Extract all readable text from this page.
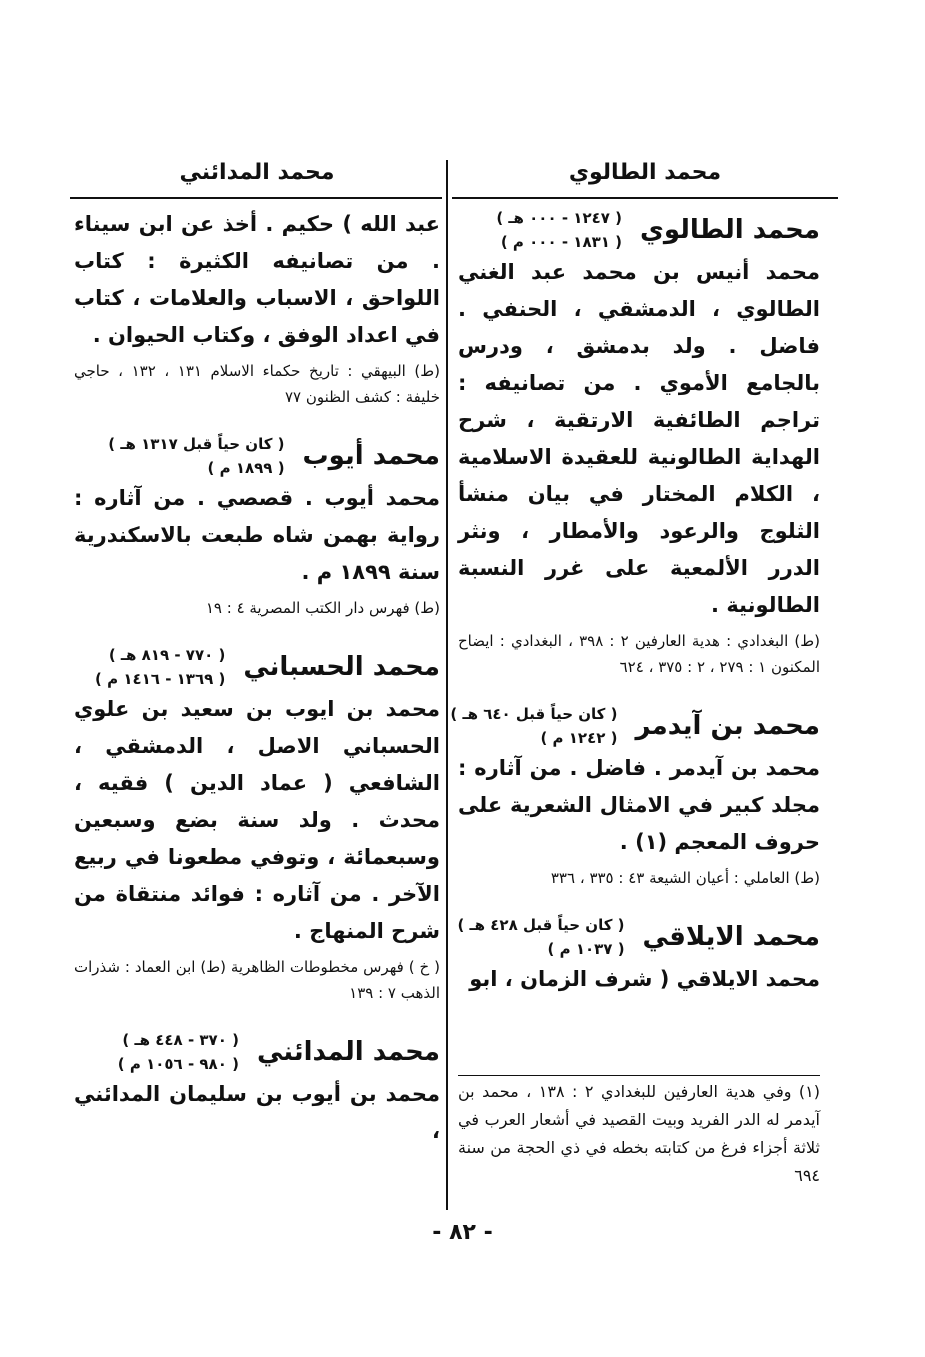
محمد الطالوي
محمد المدائني
محمد الطالوي
( ١٢٤٧ - ٠٠٠ هـ )
( ١٨٣١ - ٠٠٠ م )

محمد أنيس بن محمد عبد الغني الطالوي ، الدمشقي ، الحنفي . فاضل . ولد بدمشق ، ودرس بالجامع الأموي . من تصانيفه : تراجم الطائفية الارتقية ، شرح الهداية الطالونية للعقيدة الاسلامية ، الكلام المختار في بيان منشأ الثلوج والرعود والأمطار ، ونثر الدرر الألمعية على غرر النسبة الطالونية .

(ط) البغدادي : هدية العارفين ٢ : ٣٩٨ ، البغدادي : ايضاح المكنون ١ : ٢٧٩ ، ٢ : ٣٧٥ ، ٦٢٤

محمد بن آيدمر
( كان حياً قبل ٦٤٠ هـ )
( ١٢٤٢ م )

محمد بن آيدمر . فاضل . من آثاره : مجلد كبير في الامثال الشعرية على حروف المعجم (١) .

(ط) العاملي : أعيان الشيعة ٤٣ : ٣٣٥ ، ٣٣٦

محمد الايلاقي
( كان حياً قبل ٤٢٨ هـ )
( ١٠٣٧ م )

محمد الايلاقي ( شرف الزمان ، ابو

(١) وفي هدية العارفين للبغدادي ٢ : ١٣٨ ، محمد بن آيدمر له الدر الفريد وبيت القصيد في أشعار العرب في ثلاثة أجزاء فرغ من كتابته بخطه في ذي الحجة من سنة ٦٩٤

عبد الله ) حكيم . أخذ عن ابن سيناء . من تصانيفه الكثيرة : كتاب اللواحق ، الاسباب والعلامات ، كتاب في اعداد الوفق ، وكتاب الحيوان .

(ط) البيهقي : تاريخ حكماء الاسلام ١٣١ ، ١٣٢ ، حاجي خليفة : كشف الظنون ٧٧

محمد أيوب
( كان حياً قبل ١٣١٧ هـ )
( ١٨٩٩ م )

محمد أيوب . قصصي . من آثاره : رواية بهمن شاه طبعت بالاسكندرية سنة ١٨٩٩ م .

(ط) فهرس دار الكتب المصرية ٤ : ١٩

محمد الحسباني
( ٧٧٠ - ٨١٩ هـ )
( ١٣٦٩ - ١٤١٦ م )

محمد بن ايوب بن سعيد بن علوي الحسباني الاصل ، الدمشقي ، الشافعي ( عماد الدين ) فقيه ، محدث . ولد سنة بضع وسبعين وسبعمائة ، وتوفي مطعونا في ربيع الآخر . من آثاره : فوائد منتقاة من شرح المنهاج .

( خ ) فهرس مخطوطات الظاهرية (ط) ابن العماد : شذرات الذهب ٧ : ١٣٩

محمد المدائني
( ٣٧٠ - ٤٤٨ هـ )
( ٩٨٠ - ١٠٥٦ م )

محمد بن أيوب بن سليمان المدائني ،

- ٨٢ -
